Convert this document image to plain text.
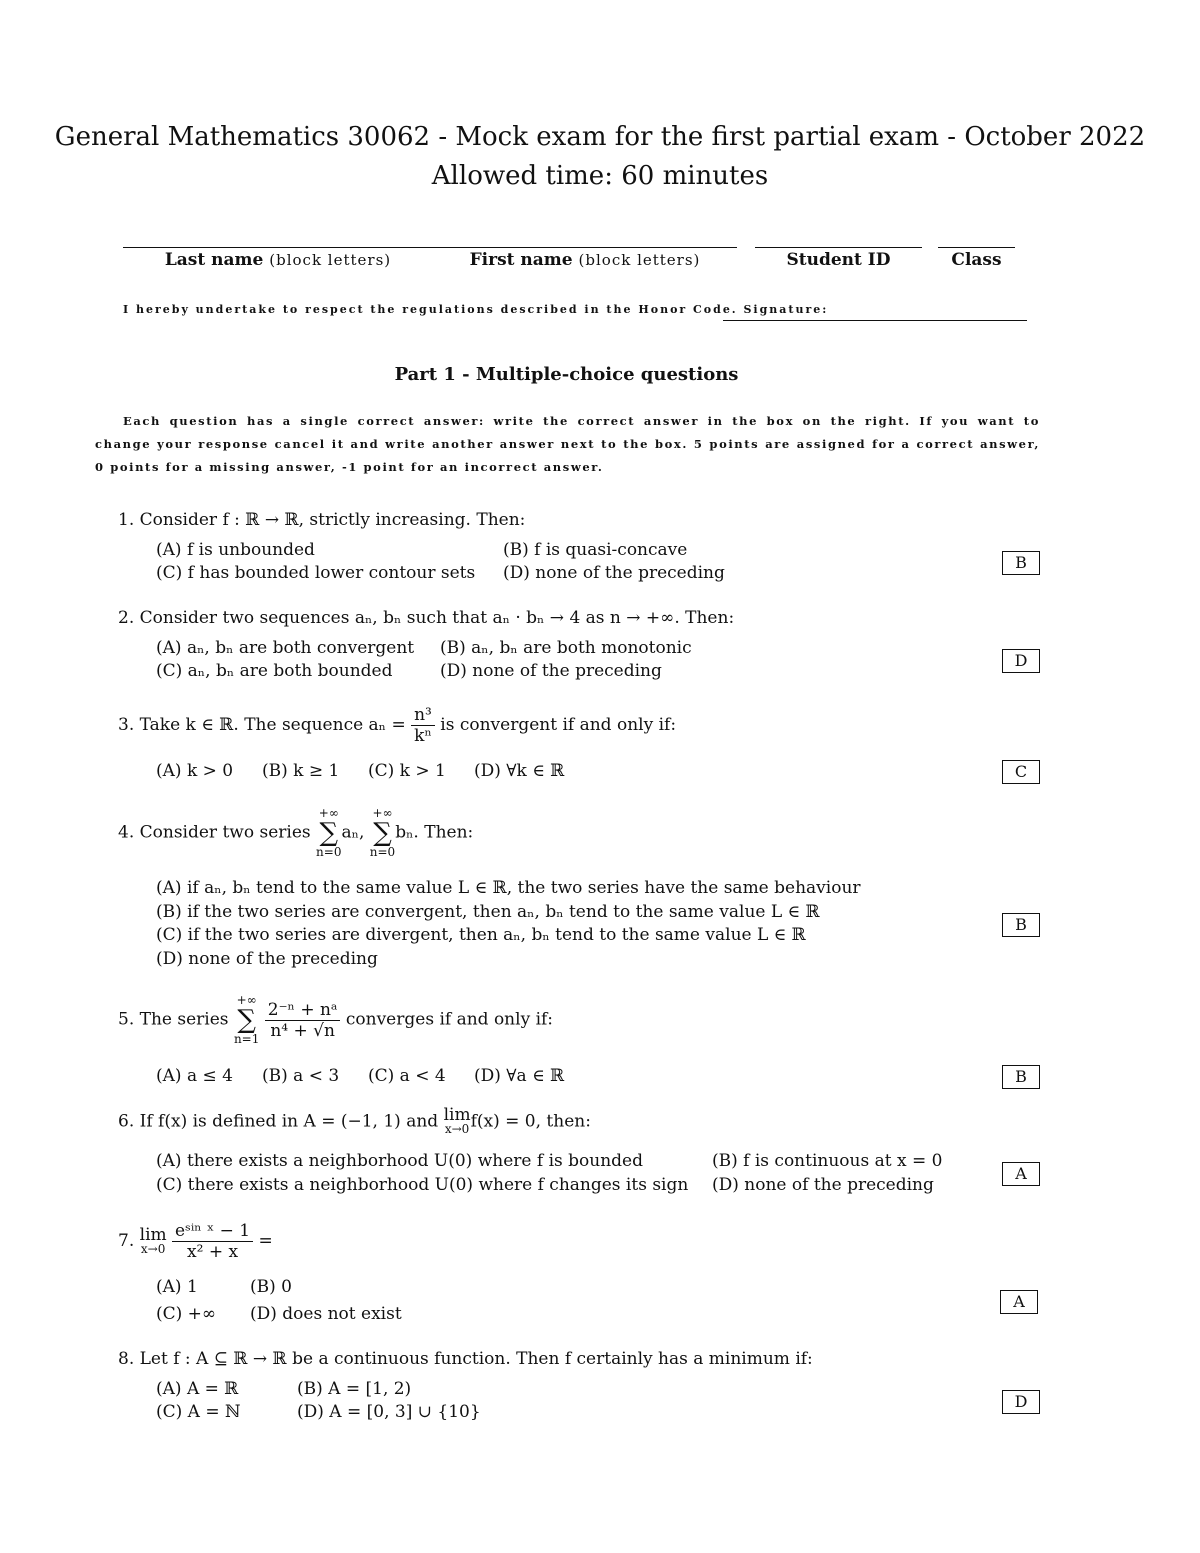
General Mathematics 30062 - Mock exam for the first partial exam - October 2022
Allowed time: 60 minutes
Last name (block letters)	First name (block letters)	Student ID	Class
I hereby undertake to respect the regulations described in the Honor Code. Signature:
Part 1 - Multiple-choice questions
Each question has a single correct answer: write the correct answer in the box on the right. If you want to change your response cancel it and write another answer next to the box. 5 points are assigned for a correct answer, 0 points for a missing answer, -1 point for an incorrect answer.
1. Consider f : ℝ → ℝ, strictly increasing. Then:
(A) f is unbounded	(B) f is quasi-concave
(C) f has bounded lower contour sets (D) none of the preceding
B
2. Consider two sequences aₙ, bₙ such that aₙ · bₙ → 4 as n → +∞. Then:
(A) aₙ, bₙ are both convergent (B) aₙ, bₙ are both monotonic
(C) aₙ, bₙ are both bounded	(D) none of the preceding
D
3. Take k ∈ ℝ. The sequence $a_n = \frac{\text{n³}}{\text{kⁿ}}$ is convergent if and only if:
(A) k > 0 (B) k ≥ 1 (C) k > 1 (D) ∀k ∈ ℝ	C
4. Consider two series
+∞
∑
n=0
aₙ,
+∞
∑
n=0
bₙ. Then:
(A) if aₙ, bₙ tend to the same value L ∈ ℝ, the two series have the same behaviour
(B) if the two series are convergent, then aₙ, bₙ tend to the same value L ∈ ℝ
(C) if the two series are divergent, then aₙ, bₙ tend to the same value L ∈ ℝ
(D) none of the preceding
B
5. The series
+∞
∑
n=1
$\frac{\text{2⁻ⁿ + nᵃ}}{\text{n⁴ + √n}}$ converges if and only if:
(A) a ≤ 4 (B) a < 3 (C) a < 4 (D) ∀a ∈ ℝ	B
6. If f(x) is defined in A = (−1, 1) and lim
x→0 f(x) = 0, then:
(A) there exists a neighborhood U(0) where f is bounded	(B) f is continuous at x = 0
(C) there exists a neighborhood U(0) where f changes its sign (D) none of the preceding
A
7. lim
x→0
$\frac{\text{eˢⁱⁿ ˣ − 1}}{\text{x² + x}}$ =
(A) 1	(B) 0
(C) +∞ (D) does not exist
A
8. Let f : A ⊆ ℝ → ℝ be a continuous function. Then f certainly has a minimum if:
(A) A = ℝ	(B) A = [1, 2)
(C) A = ℕ	(D) A = [0, 3] ∪ {10}
D
